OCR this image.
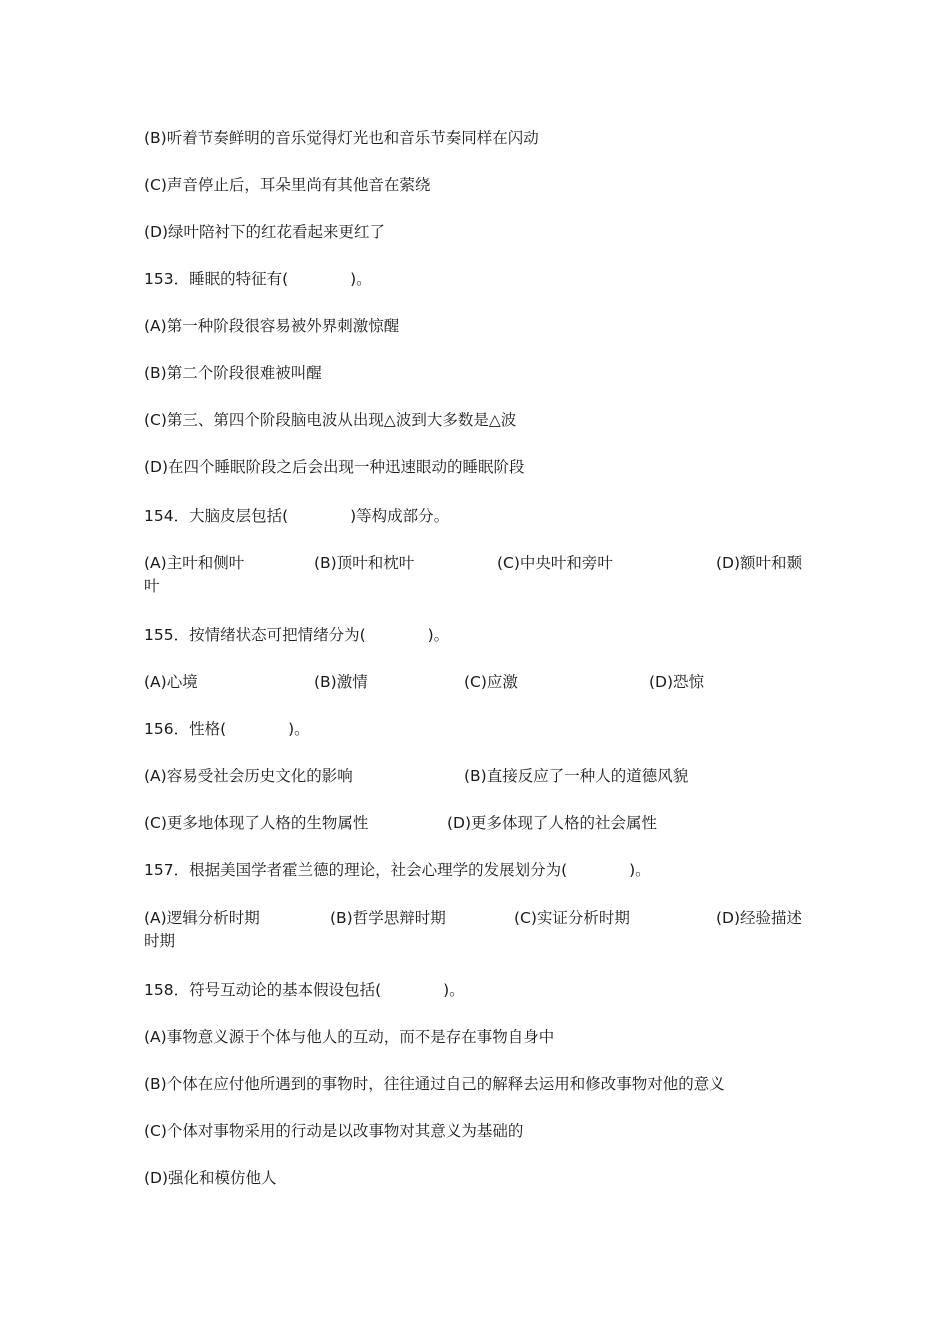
(B)听着节奏鲜明的音乐觉得灯光也和音乐节奏同样在闪动
(C)声音停止后，耳朵里尚有其他音在萦绕
(D)绿叶陪衬下的红花看起来更红了
153．睡眠的特征有(　　　　)。
(A)第一种阶段很容易被外界刺激惊醒
(B)第二个阶段很难被叫醒
(C)第三、第四个阶段脑电波从出现△波到大多数是△波
(D)在四个睡眠阶段之后会出现一种迅速眼动的睡眠阶段
154．大脑皮层包括(　　　　)等构成部分。
(A)主叶和侧叶	(B)顶叶和枕叶	(C)中央叶和旁叶	(D)额叶和颞
叶
155．按情绪状态可把情绪分为(　　　　)。
(A)心境	(B)激情	(C)应激	(D)恐惊
156．性格(　　　　)。
(A)容易受社会历史文化的影响	(B)直接反应了一种人的道德风貌
(C)更多地体现了人格的生物属性	(D)更多体现了人格的社会属性
157．根据美国学者霍兰德的理论，社会心理学的发展划分为(　　　　)。
(A)逻辑分析时期	(B)哲学思辩时期	(C)实证分析时期	(D)经验描述
时期
158．符号互动论的基本假设包括(　　　　)。
(A)事物意义源于个体与他人的互动，而不是存在事物自身中
(B)个体在应付他所遇到的事物时，往往通过自己的解释去运用和修改事物对他的意义
(C)个体对事物采用的行动是以改事物对其意义为基础的
(D)强化和模仿他人
